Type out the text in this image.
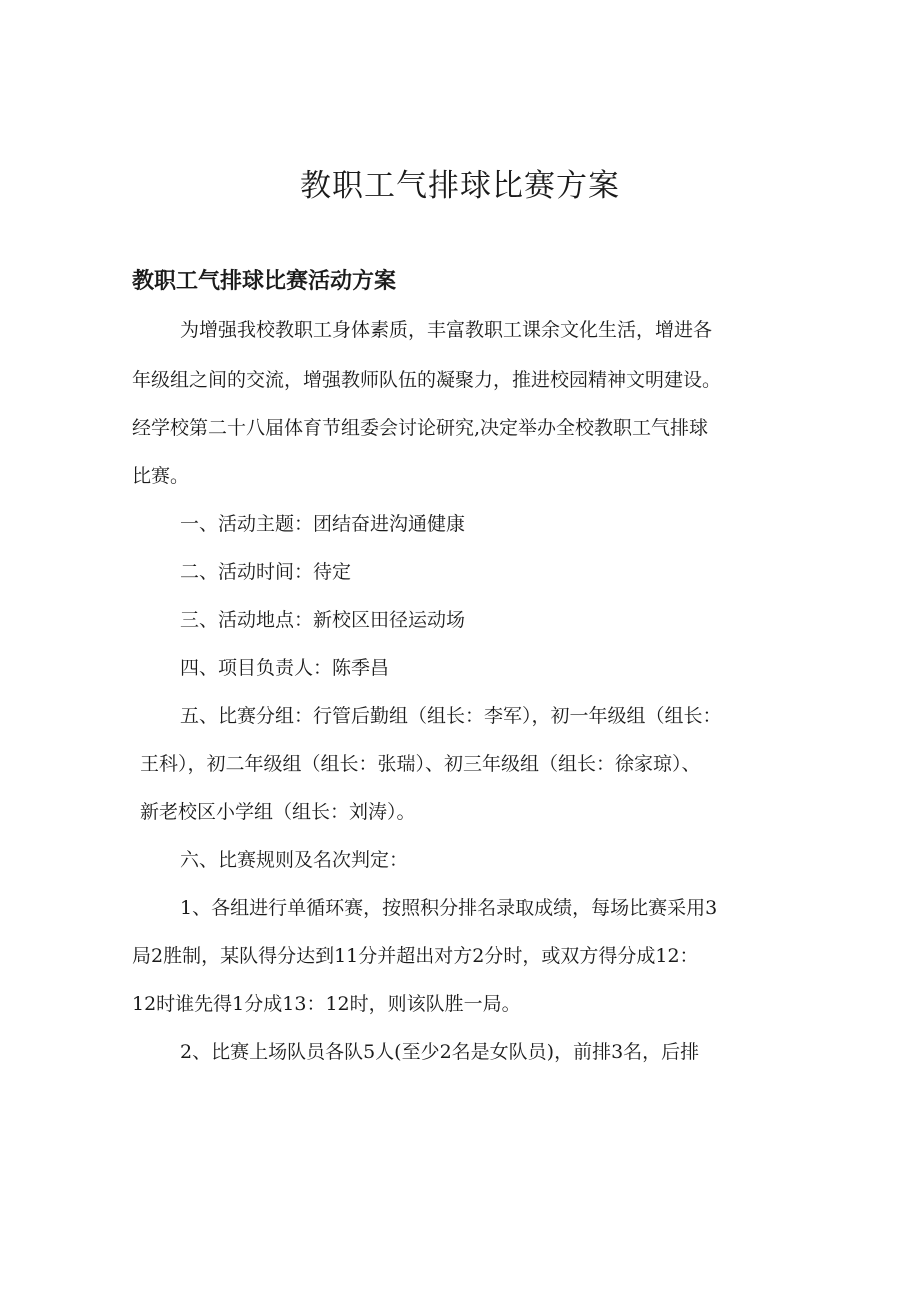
教职工气排球比赛方案
教职工气排球比赛活动方案

为增强我校教职工身体素质，丰富教职工课余文化生活，增进各

年级组之间的交流，增强教师队伍的凝聚力，推进校园精神文明建设。

经学校第二十八届体育节组委会讨论研究,决定举办全校教职工气排球

比赛。

一、活动主题：团结奋进沟通健康

二、活动时间：待定

三、活动地点：新校区田径运动场

四、项目负责人：陈季昌

五、比赛分组：行管后勤组（组长：李军），初一年级组（组长：

王科），初二年级组（组长：张瑞）、初三年级组（组长：徐家琼）、

新老校区小学组（组长：刘涛）。

六、比赛规则及名次判定：

1、各组进行单循环赛，按照积分排名录取成绩，每场比赛采用3

局2胜制，某队得分达到11分并超出对方2分时，或双方得分成12：

12时谁先得1分成13：12时，则该队胜一局。

2、比赛上场队员各队5人(至少2名是女队员)，前排3名，后排
